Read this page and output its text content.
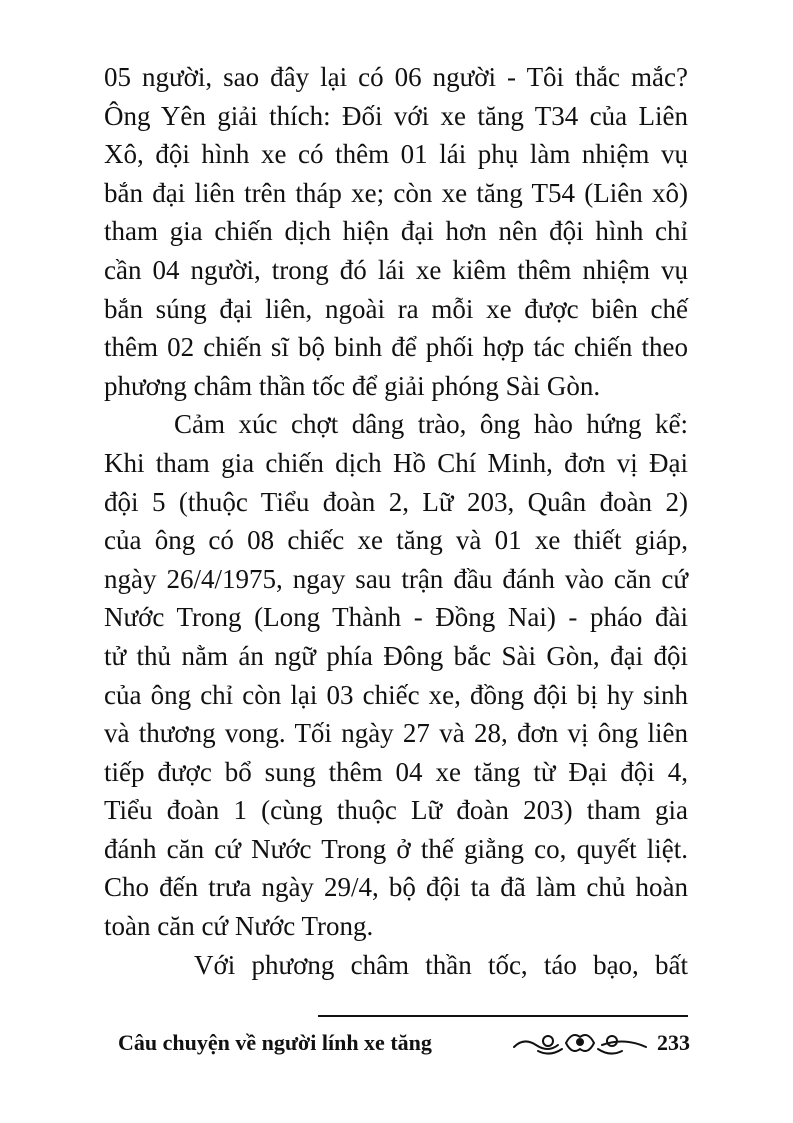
05 người, sao đây lại có 06 người - Tôi thắc mắc?
Ông Yên giải thích: Đối với xe tăng T34 của Liên
Xô, đội hình xe có thêm 01 lái phụ làm nhiệm vụ
bắn đại liên trên tháp xe; còn xe tăng T54 (Liên xô)
tham gia chiến dịch hiện đại hơn nên đội hình chỉ
cần 04 người, trong đó lái xe kiêm thêm nhiệm vụ
bắn súng đại liên, ngoài ra mỗi xe được biên chế
thêm 02 chiến sĩ bộ binh để phối hợp tác chiến theo
phương châm thần tốc để giải phóng Sài Gòn.
Cảm xúc chợt dâng trào, ông hào hứng kể:
Khi tham gia chiến dịch Hồ Chí Minh, đơn vị Đại
đội 5 (thuộc Tiểu đoàn 2, Lữ 203, Quân đoàn 2)
của ông có 08 chiếc xe tăng và 01 xe thiết giáp,
ngày 26/4/1975, ngay sau trận đầu đánh vào căn cứ
Nước Trong (Long Thành - Đồng Nai) - pháo đài
tử thủ nằm án ngữ phía Đông bắc Sài Gòn, đại đội
của ông chỉ còn lại 03 chiếc xe, đồng đội bị hy sinh
và thương vong. Tối ngày 27 và 28, đơn vị ông liên
tiếp được bổ sung thêm 04 xe tăng từ Đại đội 4,
Tiểu đoàn 1 (cùng thuộc Lữ đoàn 203) tham gia
đánh căn cứ Nước Trong ở thế giằng co, quyết liệt.
Cho đến trưa ngày 29/4, bộ đội ta đã làm chủ hoàn
toàn căn cứ Nước Trong.
Với phương châm thần tốc, táo bạo, bất
Câu chuyện về người lính xe tăng	233
